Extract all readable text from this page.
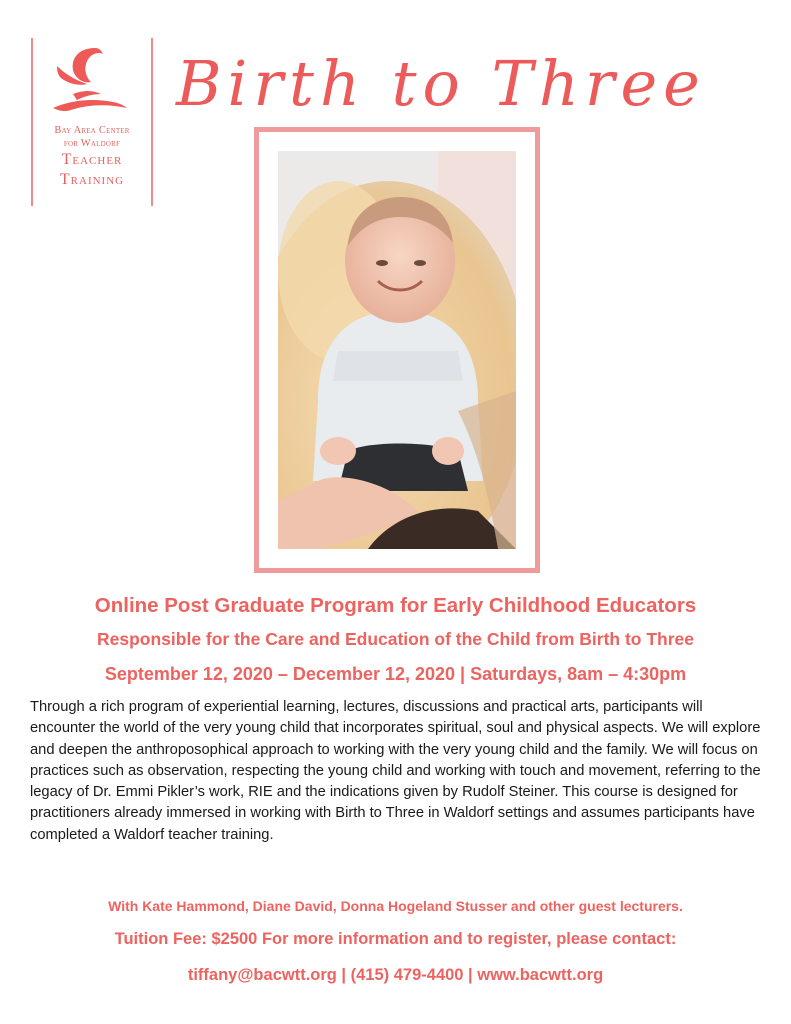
Bay Area Center
for Waldorf
Teacher
Training
Birth to Three
Online Post Graduate Program for Early Childhood Educators
Responsible for the Care and Education of the Child from Birth to Three
September 12, 2020 – December 12, 2020 | Saturdays, 8am – 4:30pm

Through a rich program of experiential learning, lectures, discussions and practical arts, participants will encounter the world of the very young child that incorporates spiritual, soul and physical aspects. We will explore and deepen the anthroposophical approach to working with the very young child and the family. We will focus on practices such as observation, respecting the young child and working with touch and movement, referring to the legacy of Dr. Emmi Pikler’s work, RIE and the indications given by Rudolf Steiner. This course is designed for practitioners already immersed in working with Birth to Three in Waldorf settings and assumes participants have completed a Waldorf teacher training.

With Kate Hammond, Diane David, Donna Hogeland Stusser and other guest lecturers.
Tuition Fee: $2500 For more information and to register, please contact:
tiffany@bacwtt.org | (415) 479-4400 | www.bacwtt.org
